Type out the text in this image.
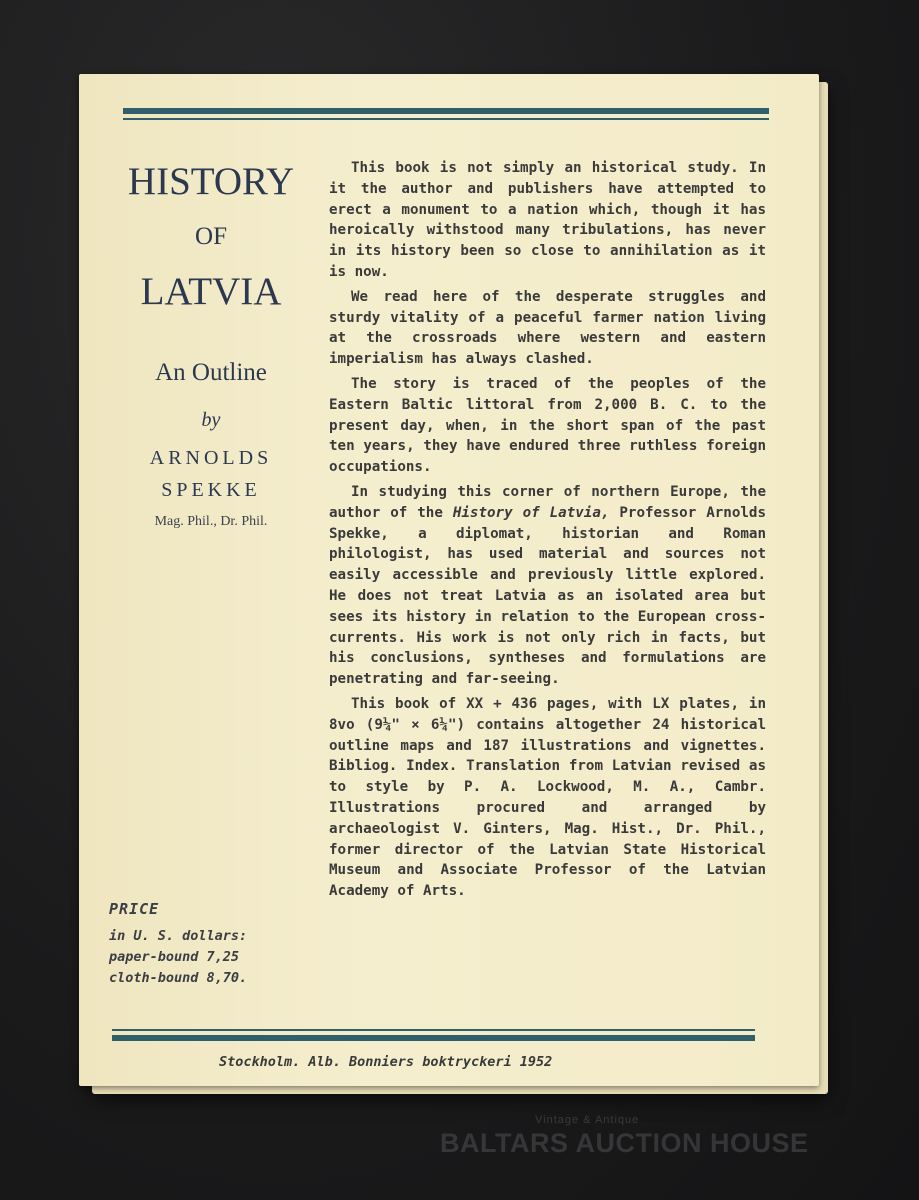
HISTORY
OF
LATVIA
An Outline
by
ARNOLDS
SPEKKE
Mag. Phil., Dr. Phil.
PRICE
in U. S. dollars:
paper-bound 7,25
cloth-bound 8,70.

This book is not simply an historical study. In it the author and publishers have attempted to erect a monument to a nation which, though it has heroically withstood many tribulations, has never in its history been so close to annihilation as it is now.

We read here of the desperate struggles and sturdy vitality of a peaceful farmer nation living at the crossroads where western and eastern imperialism has always clashed.

The story is traced of the peoples of the Eastern Baltic littoral from 2,000 B. C. to the present day, when, in the short span of the past ten years, they have endured three ruthless foreign occupations.

In studying this corner of northern Europe, the author of the History of Latvia, Professor Arnolds Spekke, a diplomat, historian and Roman philologist, has used material and sources not easily accessible and previously little explored. He does not treat Latvia as an isolated area but sees its history in relation to the European cross-currents. His work is not only rich in facts, but his conclusions, syntheses and formulations are penetrating and far-seeing.

This book of XX + 436 pages, with LX plates, in 8vo (9¼" × 6¼") contains altogether 24 historical outline maps and 187 illustrations and vignettes. Bibliog. Index. Translation from Latvian revised as to style by P. A. Lockwood, M. A., Cambr. Illustrations procured and arranged by archaeologist V. Ginters, Mag. Hist., Dr. Phil., former director of the Latvian State Historical Museum and Associate Professor of the Latvian Academy of Arts.

Stockholm. Alb. Bonniers boktryckeri 1952
Vintage & Antique
BALTARS AUCTION HOUSE
